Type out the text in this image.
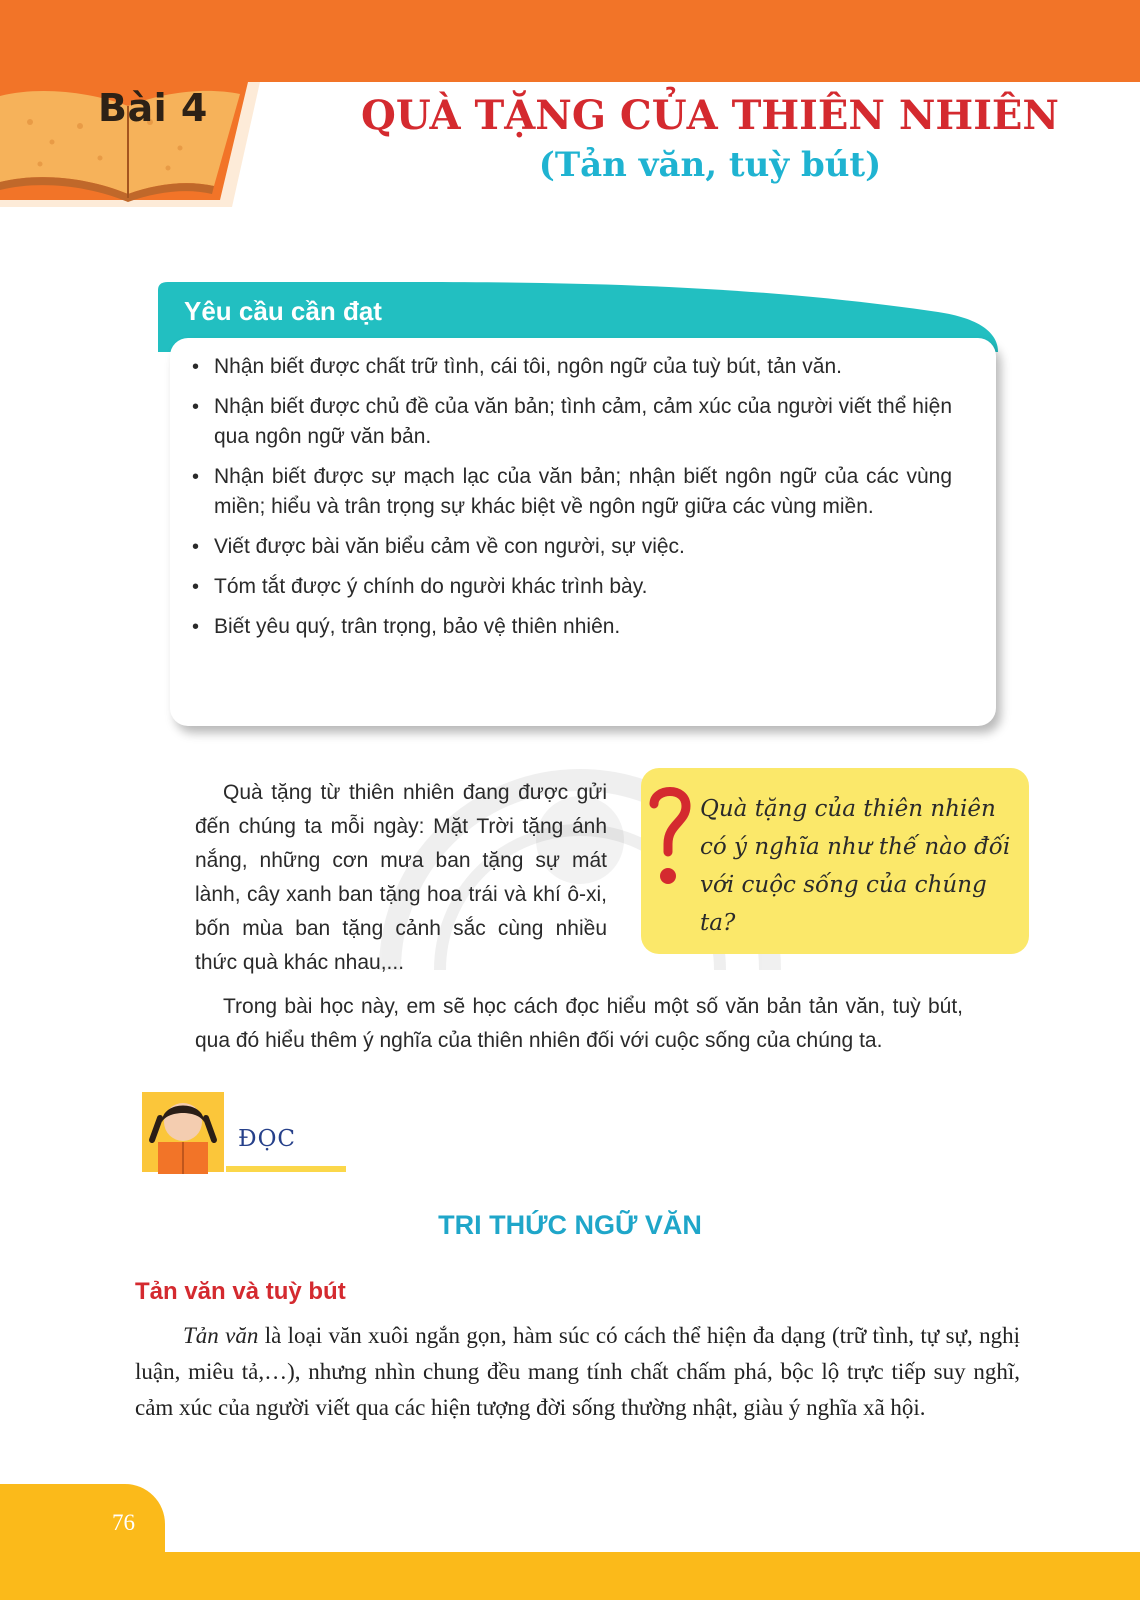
Bài 4	QUÀ TẶNG CỦA THIÊN NHIÊN
(Tản văn, tuỳ bút)
Yêu cầu cần đạt
• Nhận biết được chất trữ tình, cái tôi, ngôn ngữ của tuỳ bút, tản văn.
• Nhận biết được chủ đề của văn bản; tình cảm, cảm xúc của người viết thể hiện qua ngôn ngữ văn bản.
• Nhận biết được sự mạch lạc của văn bản; nhận biết ngôn ngữ của các vùng miền; hiểu và trân trọng sự khác biệt về ngôn ngữ giữa các vùng miền.
• Viết được bài văn biểu cảm về con người, sự việc.
• Tóm tắt được ý chính do người khác trình bày.
• Biết yêu quý, trân trọng, bảo vệ thiên nhiên.

Quà tặng từ thiên nhiên đang được gửi đến chúng ta mỗi ngày: Mặt Trời tặng ánh nắng, những cơn mưa ban tặng sự mát lành, cây xanh ban tặng hoa trái và khí ô-xi, bốn mùa ban tặng cảnh sắc cùng nhiều thức quà khác nhau,...

Quà tặng của thiên nhiên có ý nghĩa như thế nào đối với cuộc sống của chúng ta?

Trong bài học này, em sẽ học cách đọc hiểu một số văn bản tản văn, tuỳ bút, qua đó hiểu thêm ý nghĩa của thiên nhiên đối với cuộc sống của chúng ta.

ĐỌC
TRI THỨC NGỮ VĂN
Tản văn và tuỳ bút

Tản văn là loại văn xuôi ngắn gọn, hàm súc có cách thể hiện đa dạng (trữ tình, tự sự, nghị luận, miêu tả,…), nhưng nhìn chung đều mang tính chất chấm phá, bộc lộ trực tiếp suy nghĩ, cảm xúc của người viết qua các hiện tượng đời sống thường nhật, giàu ý nghĩa xã hội.

76
